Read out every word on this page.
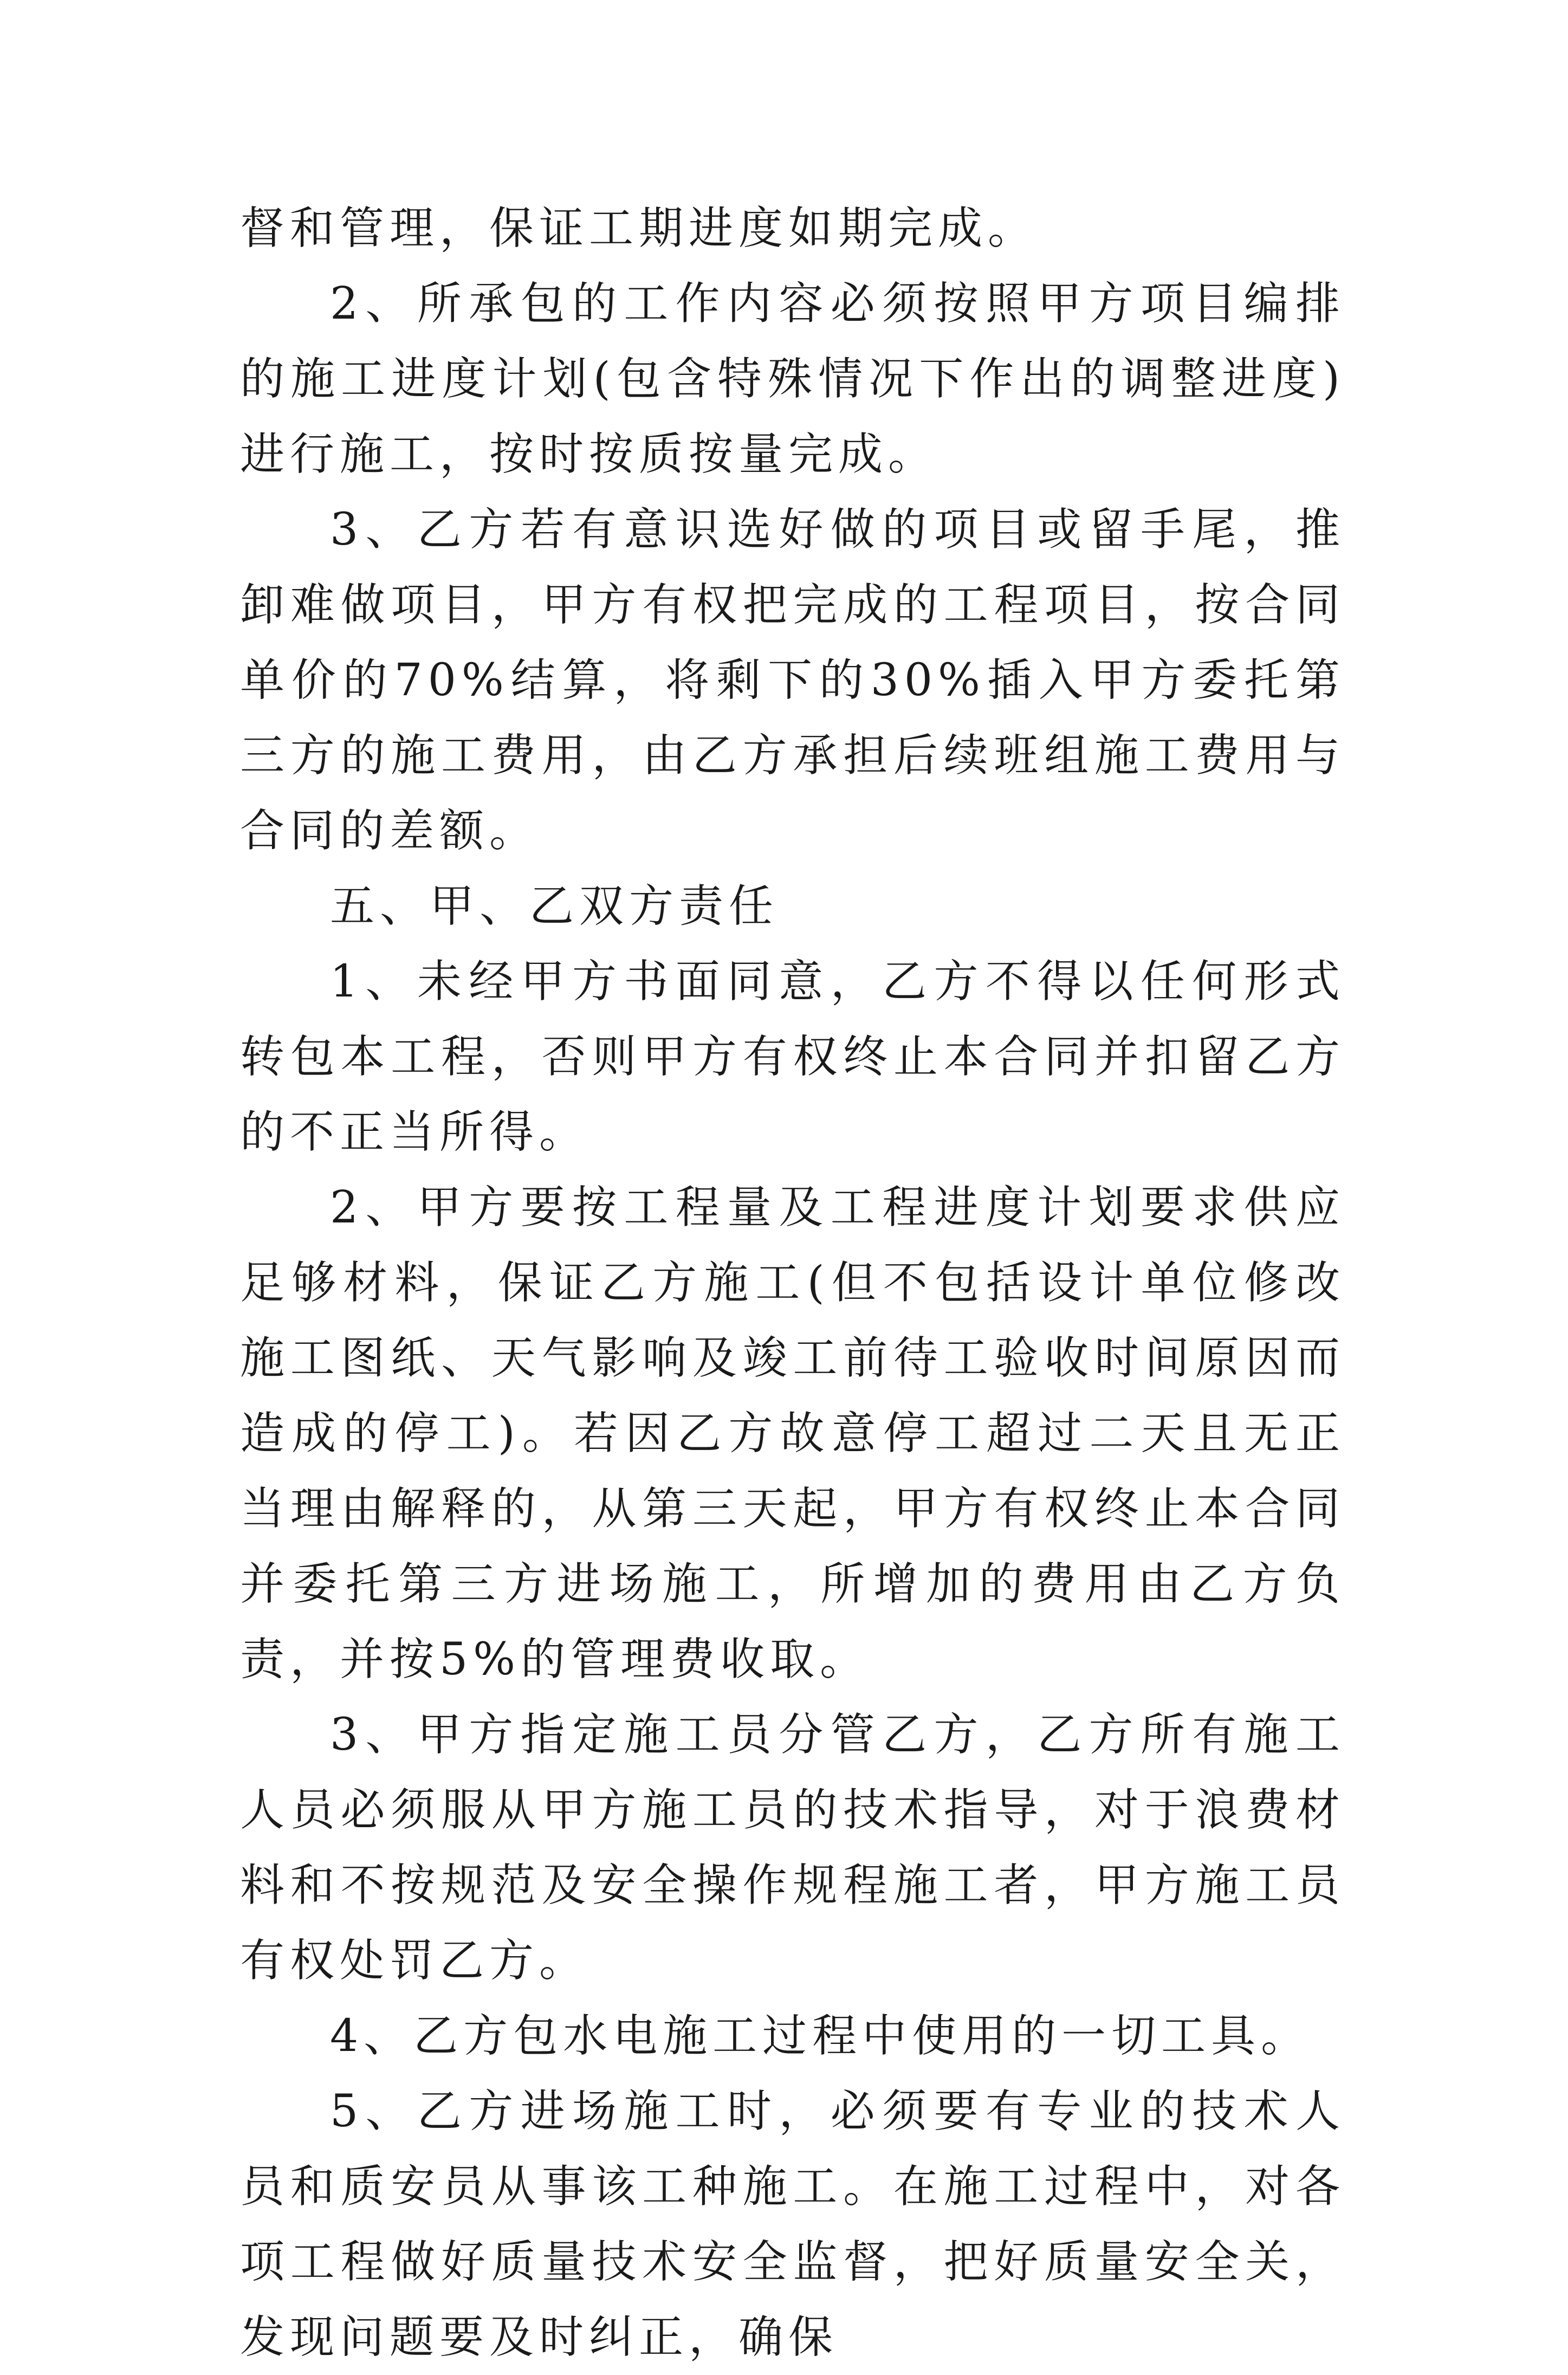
督和管理，保证工期进度如期完成。

2、所承包的工作内容必须按照甲方项目编排的施工进度计划(包含特殊情况下作出的调整进度)进行施工，按时按质按量完成。

3、乙方若有意识选好做的项目或留手尾，推卸难做项目，甲方有权把完成的工程项目，按合同单价的70%结算，将剩下的30%插入甲方委托第三方的施工费用，由乙方承担后续班组施工费用与合同的差额。

五、甲、乙双方责任

1、未经甲方书面同意，乙方不得以任何形式转包本工程，否则甲方有权终止本合同并扣留乙方的不正当所得。

2、甲方要按工程量及工程进度计划要求供应足够材料，保证乙方施工(但不包括设计单位修改施工图纸、天气影响及竣工前待工验收时间原因而造成的停工)。若因乙方故意停工超过二天且无正当理由解释的，从第三天起，甲方有权终止本合同并委托第三方进场施工，所增加的费用由乙方负责，并按5%的管理费收取。

3、甲方指定施工员分管乙方，乙方所有施工人员必须服从甲方施工员的技术指导，对于浪费材料和不按规范及安全操作规程施工者，甲方施工员有权处罚乙方。

4、乙方包水电施工过程中使用的一切工具。

5、乙方进场施工时，必须要有专业的技术人员和质安员从事该工种施工。在施工过程中，对各项工程做好质量技术安全监督，把好质量安全关，发现问题要及时纠正，确保
